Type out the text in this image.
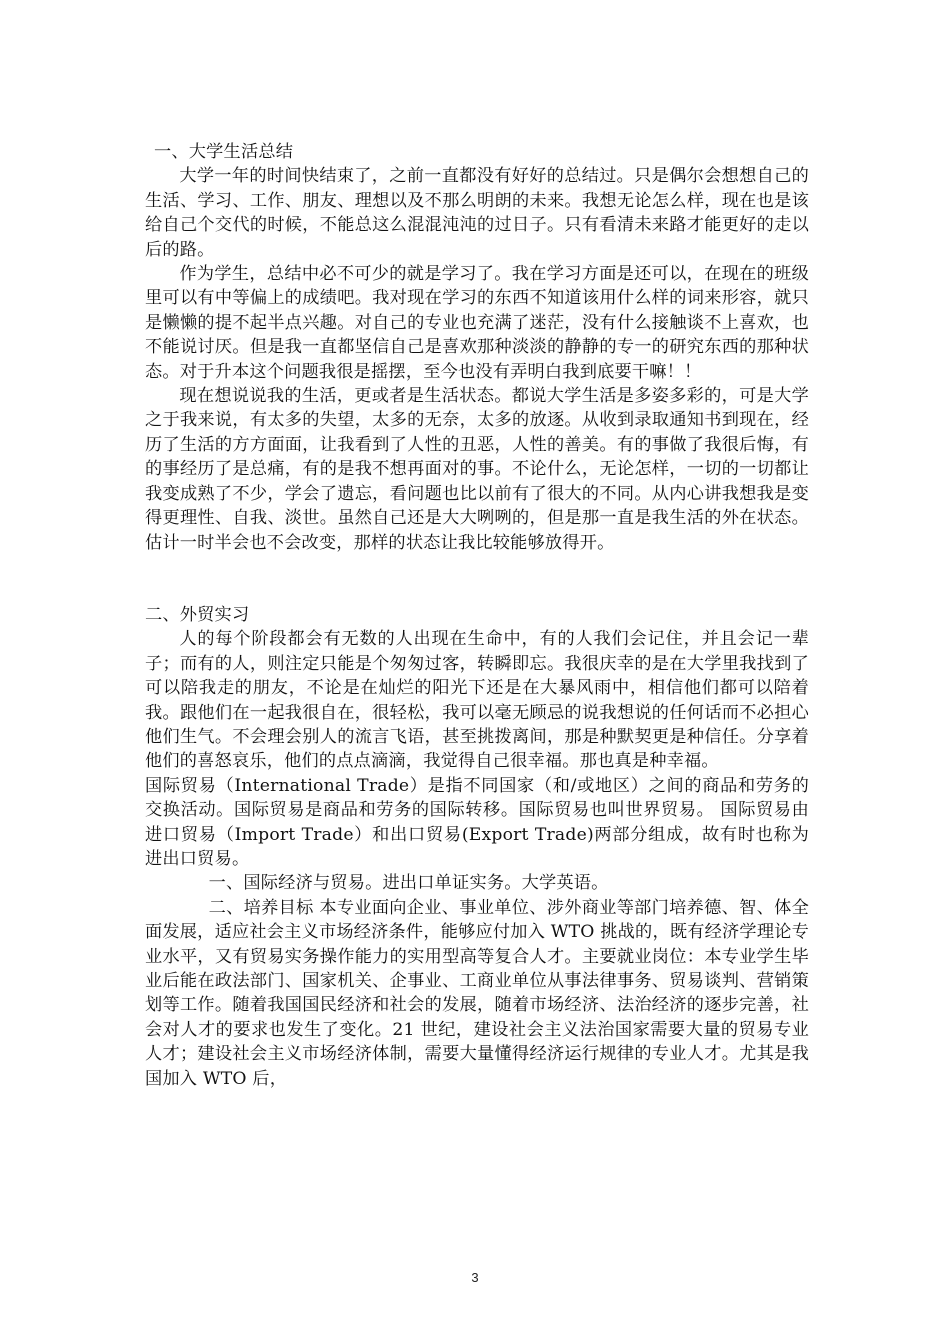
一、大学生活总结

大学一年的时间快结束了，之前一直都没有好好的总结过。只是偶尔会想想自己的生活、学习、工作、朋友、理想以及不那么明朗的未来。我想无论怎么样，现在也是该给自己个交代的时候，不能总这么混混沌沌的过日子。只有看清未来路才能更好的走以后的路。

作为学生，总结中必不可少的就是学习了。我在学习方面是还可以，在现在的班级里可以有中等偏上的成绩吧。我对现在学习的东西不知道该用什么样的词来形容，就只是懒懒的提不起半点兴趣。对自己的专业也充满了迷茫，没有什么接触谈不上喜欢，也不能说讨厌。但是我一直都坚信自己是喜欢那种淡淡的静静的专一的研究东西的那种状态。对于升本这个问题我很是摇摆，至今也没有弄明白我到底要干嘛！！

现在想说说我的生活，更或者是生活状态。都说大学生活是多姿多彩的，可是大学之于我来说，有太多的失望，太多的无奈，太多的放逐。从收到录取通知书到现在，经历了生活的方方面面，让我看到了人性的丑恶，人性的善美。有的事做了我很后悔，有的事经历了是总痛，有的是我不想再面对的事。不论什么，无论怎样，一切的一切都让我变成熟了不少，学会了遗忘，看问题也比以前有了很大的不同。从内心讲我想我是变得更理性、自我、淡世。虽然自己还是大大咧咧的，但是那一直是我生活的外在状态。估计一时半会也不会改变，那样的状态让我比较能够放得开。

二、外贸实习

人的每个阶段都会有无数的人出现在生命中，有的人我们会记住，并且会记一辈子；而有的人，则注定只能是个匆匆过客，转瞬即忘。我很庆幸的是在大学里我找到了可以陪我走的朋友，不论是在灿烂的阳光下还是在大暴风雨中，相信他们都可以陪着我。跟他们在一起我很自在，很轻松，我可以毫无顾忌的说我想说的任何话而不必担心他们生气。不会理会别人的流言飞语，甚至挑拨离间，那是种默契更是种信任。分享着他们的喜怒哀乐，他们的点点滴滴，我觉得自己很幸福。那也真是种幸福。

国际贸易（International Trade）是指不同国家（和/或地区）之间的商品和劳务的交换活动。国际贸易是商品和劳务的国际转移。国际贸易也叫世界贸易。 国际贸易由进口贸易（Import Trade）和出口贸易(Export Trade)两部分组成，故有时也称为进出口贸易。

一、国际经济与贸易。进出口单证实务。大学英语。

二、培养目标 本专业面向企业、事业单位、涉外商业等部门培养德、智、体全面发展，适应社会主义市场经济条件，能够应付加入 WTO 挑战的，既有经济学理论专业水平，又有贸易实务操作能力的实用型高等复合人才。主要就业岗位：本专业学生毕业后能在政法部门、国家机关、企事业、工商业单位从事法律事务、贸易谈判、营销策划等工作。随着我国国民经济和社会的发展，随着市场经济、法治经济的逐步完善，社会对人才的要求也发生了变化。21 世纪，建设社会主义法治国家需要大量的贸易专业人才；建设社会主义市场经济体制，需要大量懂得经济运行规律的专业人才。尤其是我国加入 WTO 后，

3
